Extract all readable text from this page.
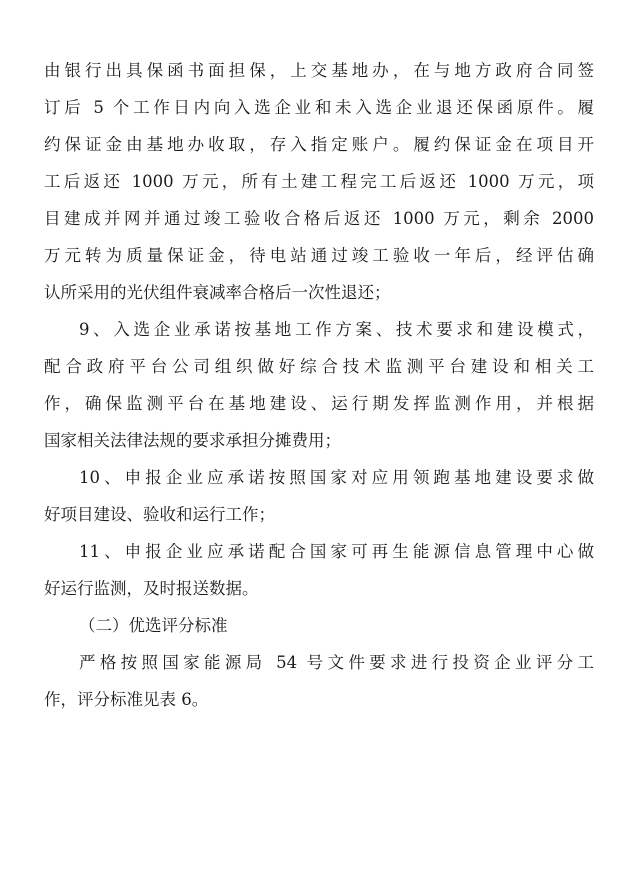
由银行出具保函书面担保，上交基地办，在与地方政府合同签
订后 5 个工作日内向入选企业和未入选企业退还保函原件。履
约保证金由基地办收取，存入指定账户。履约保证金在项目开
工后返还 1000 万元，所有土建工程完工后返还 1000 万元，项
目建成并网并通过竣工验收合格后返还 1000 万元，剩余 2000
万元转为质量保证金，待电站通过竣工验收一年后，经评估确
认所采用的光伏组件衰减率合格后一次性退还；
9、入选企业承诺按基地工作方案、技术要求和建设模式，
配合政府平台公司组织做好综合技术监测平台建设和相关工
作，确保监测平台在基地建设、运行期发挥监测作用，并根据
国家相关法律法规的要求承担分摊费用；
10、申报企业应承诺按照国家对应用领跑基地建设要求做
好项目建设、验收和运行工作；
11、申报企业应承诺配合国家可再生能源信息管理中心做
好运行监测，及时报送数据。
（二）优选评分标准
严格按照国家能源局 54 号文件要求进行投资企业评分工
作，评分标准见表 6。
